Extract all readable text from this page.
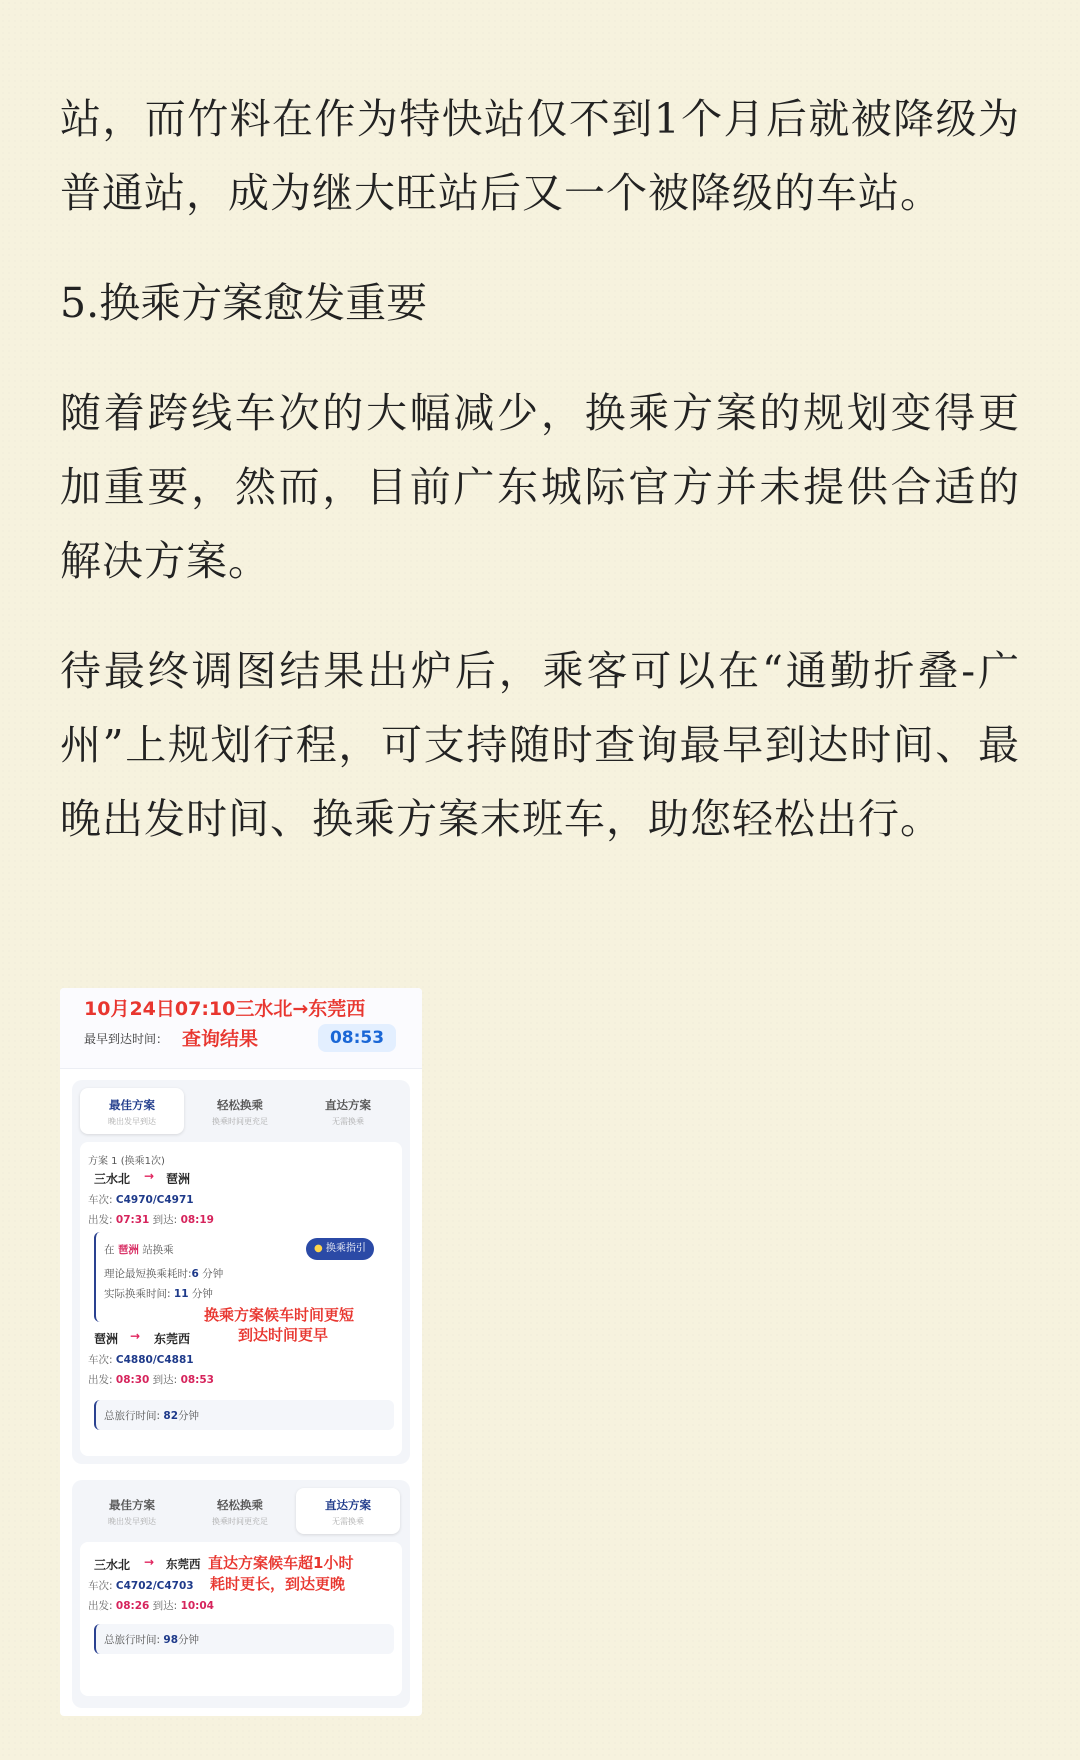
站，而竹料在作为特快站仅不到1个月后就被降级为普通站，成为继大旺站后又一个被降级的车站。

5.换乘方案愈发重要

随着跨线车次的大幅减少，换乘方案的规划变得更加重要，然而，目前广东城际官方并未提供合适的解决方案。

待最终调图结果出炉后，乘客可以在“通勤折叠-广州”上规划行程，可支持随时查询最早到达时间、最晚出发时间、换乘方案末班车，助您轻松出行。

10月24日07:10三水北→东莞西
最早到达时间： 查询结果	08:53
最佳方案
晚出发早到达
轻松换乘
换乘时间更充足
直达方案
无需换乘
方案 1 (换乘1次)
三水北 → 琶洲
车次: C4970/C4971
出发: 07:31 到达: 08:19
在 琶洲 站换乘	● 换乘指引
理论最短换乘耗时:6 分钟
实际换乘时间: 11 分钟
换乘方案候车时间更短
到达时间更早
琶洲 → 东莞西
车次: C4880/C4881
出发: 08:30 到达: 08:53
总旅行时间: 82分钟
最佳方案
晚出发早到达
轻松换乘
换乘时间更充足
直达方案
无需换乘
三水北 → 东莞西 直达方案候车超1小时
耗时更长，到达更晚
车次: C4702/C4703
出发: 08:26 到达: 10:04
总旅行时间: 98分钟
